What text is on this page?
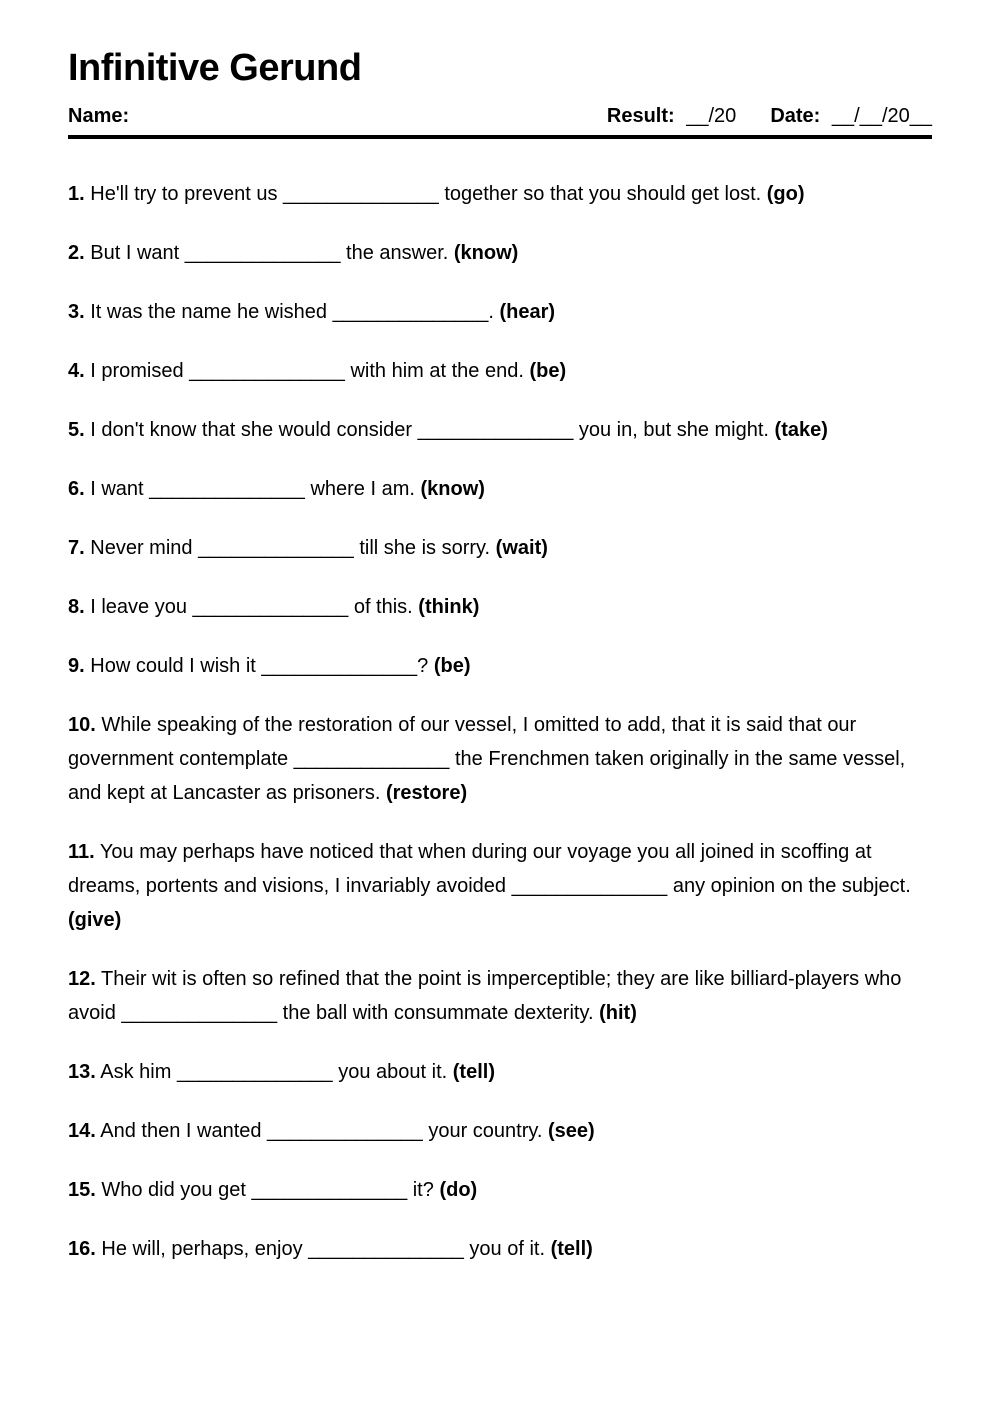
Infinitive Gerund
Name:	Result: __/20 Date: __/__/20__

1. He'll try to prevent us ______________ together so that you should get lost. (go)

2. But I want ______________ the answer. (know)

3. It was the name he wished ______________. (hear)

4. I promised ______________ with him at the end. (be)

5. I don't know that she would consider ______________ you in, but she might. (take)

6. I want ______________ where I am. (know)

7. Never mind ______________ till she is sorry. (wait)

8. I leave you ______________ of this. (think)

9. How could I wish it ______________? (be)

10. While speaking of the restoration of our vessel, I omitted to add, that it is said that our government contemplate ______________ the Frenchmen taken originally in the same vessel, and kept at Lancaster as prisoners. (restore)

11. You may perhaps have noticed that when during our voyage you all joined in scoffing at dreams, portents and visions, I invariably avoided ______________ any opinion on the subject. (give)

12. Their wit is often so refined that the point is imperceptible; they are like billiard-players who avoid ______________ the ball with consummate dexterity. (hit)

13. Ask him ______________ you about it. (tell)

14. And then I wanted ______________ your country. (see)

15. Who did you get ______________ it? (do)

16. He will, perhaps, enjoy ______________ you of it. (tell)
